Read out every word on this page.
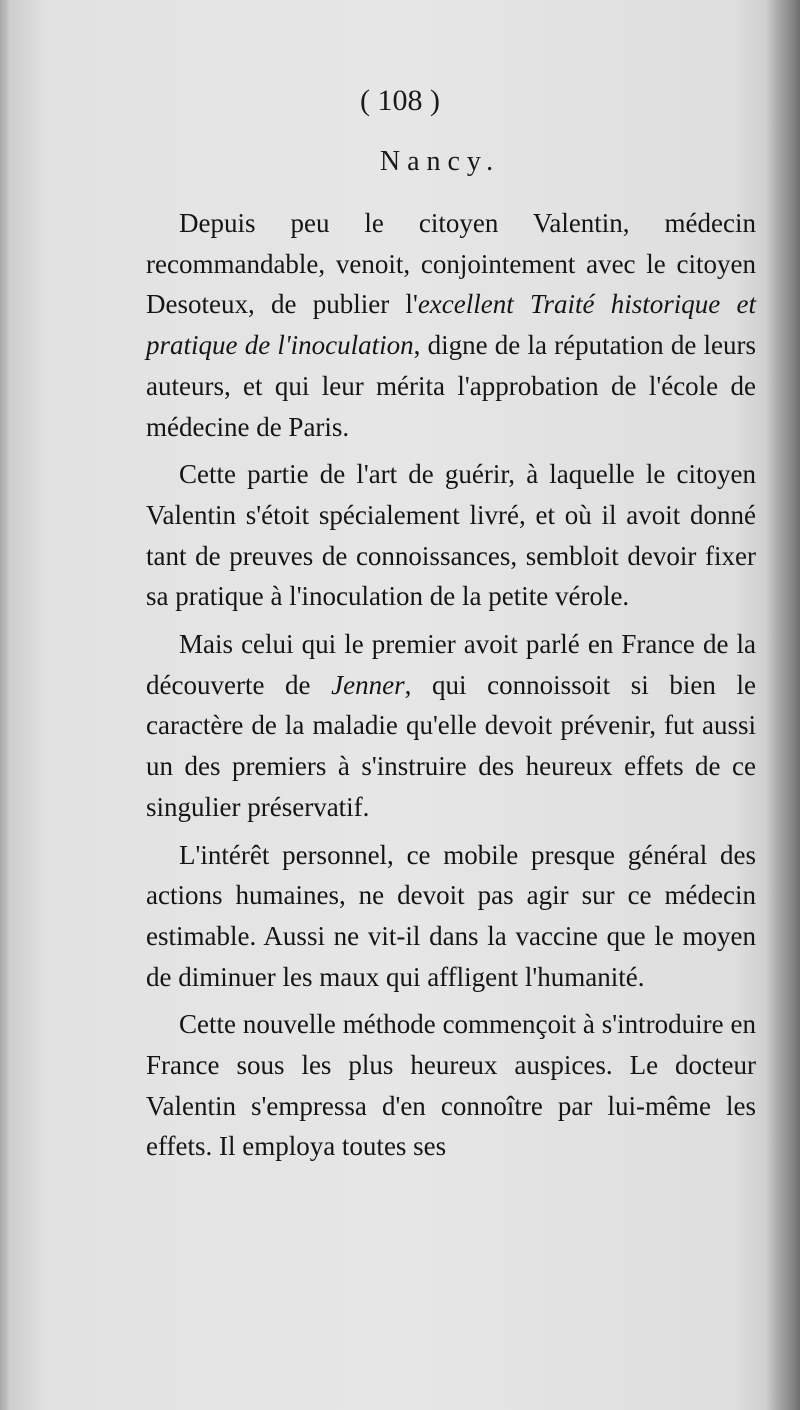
( 108 )
Nancy.

Depuis peu le citoyen Valentin, médecin recommandable, venoit, conjointement avec le citoyen Desoteux, de publier l'excellent Traité historique et pratique de l'inoculation, digne de la réputation de leurs auteurs, et qui leur mérita l'approbation de l'école de médecine de Paris.

Cette partie de l'art de guérir, à laquelle le citoyen Valentin s'étoit spécialement livré, et où il avoit donné tant de preuves de connoissances, sembloit devoir fixer sa pratique à l'inoculation de la petite vérole.

Mais celui qui le premier avoit parlé en France de la découverte de Jenner, qui connoissoit si bien le caractère de la maladie qu'elle devoit prévenir, fut aussi un des premiers à s'instruire des heureux effets de ce singulier préservatif.

L'intérêt personnel, ce mobile presque général des actions humaines, ne devoit pas agir sur ce médecin estimable. Aussi ne vit-il dans la vaccine que le moyen de diminuer les maux qui affligent l'humanité.

Cette nouvelle méthode commençoit à s'introduire en France sous les plus heureux auspices. Le docteur Valentin s'empressa d'en connoître par lui-même les effets. Il employa toutes ses
